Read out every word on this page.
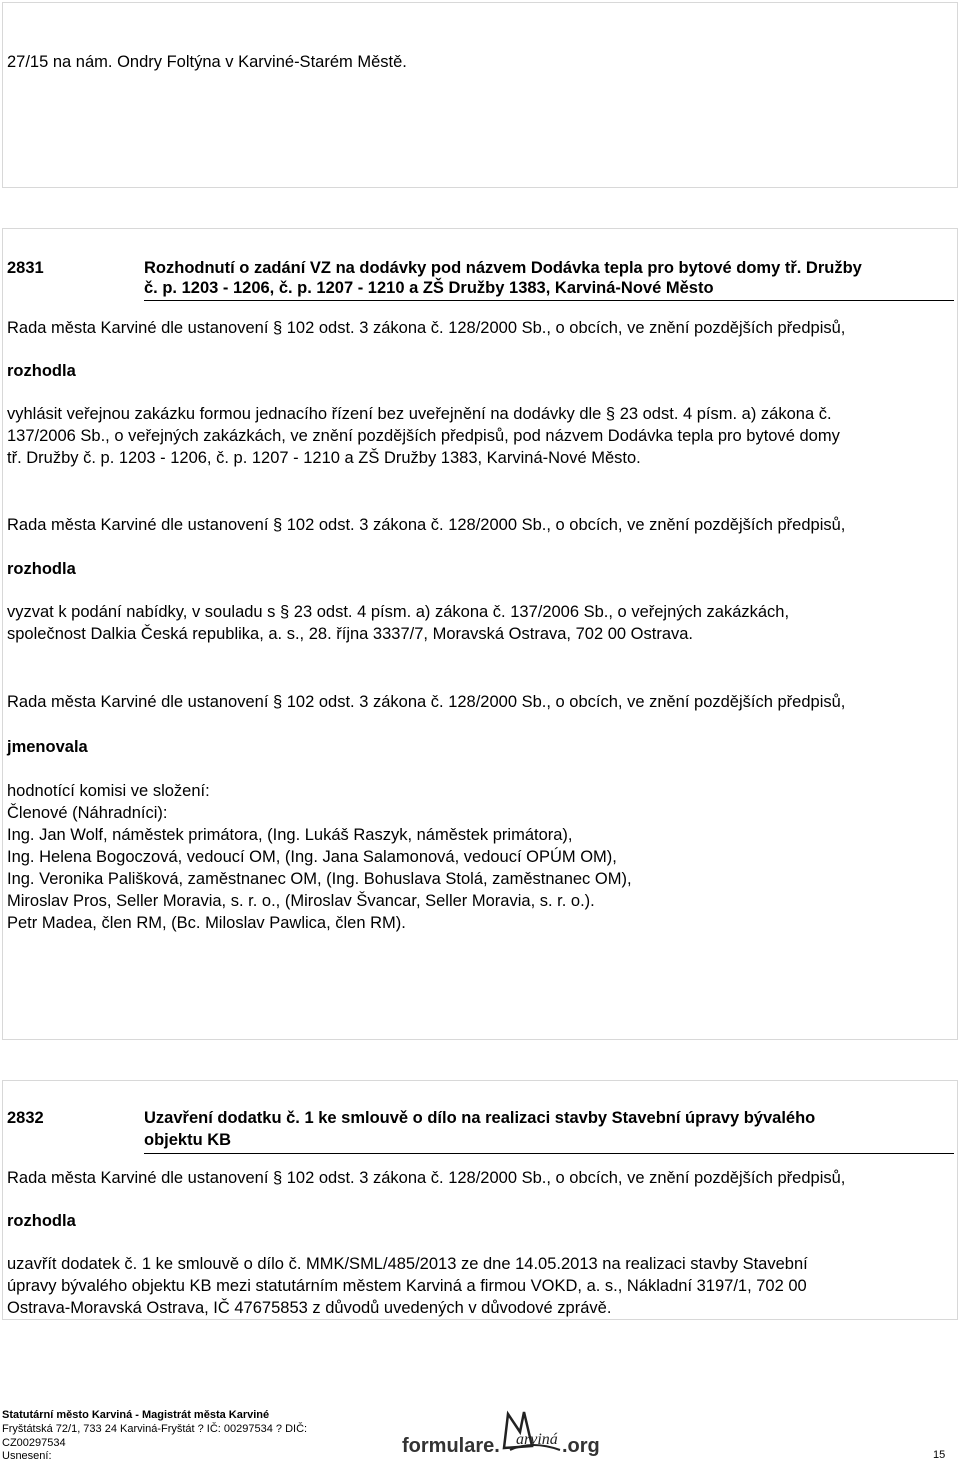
27/15 na nám. Ondry Foltýna v Karviné-Starém Městě.
2831	Rozhodnutí o zadání VZ na dodávky pod názvem Dodávka tepla pro bytové domy tř. Družby
č. p. 1203 - 1206, č. p. 1207 - 1210 a ZŠ Družby 1383, Karviná-Nové Město
Rada města Karviné dle ustanovení § 102 odst. 3 zákona č. 128/2000 Sb., o obcích, ve znění pozdějších předpisů,
rozhodla
vyhlásit veřejnou zakázku formou jednacího řízení bez uveřejnění na dodávky dle § 23 odst. 4 písm. a) zákona č.
137/2006 Sb., o veřejných zakázkách, ve znění pozdějších předpisů, pod názvem Dodávka tepla pro bytové domy
tř. Družby č. p. 1203 - 1206, č. p. 1207 - 1210 a ZŠ Družby 1383, Karviná-Nové Město.
Rada města Karviné dle ustanovení § 102 odst. 3 zákona č. 128/2000 Sb., o obcích, ve znění pozdějších předpisů,
rozhodla
vyzvat k podání nabídky, v souladu s § 23 odst. 4 písm. a) zákona č. 137/2006 Sb., o veřejných zakázkách,
společnost Dalkia Česká republika, a. s., 28. října 3337/7, Moravská Ostrava, 702 00 Ostrava.
Rada města Karviné dle ustanovení § 102 odst. 3 zákona č. 128/2000 Sb., o obcích, ve znění pozdějších předpisů,
jmenovala
hodnotící komisi ve složení:
Členové (Náhradníci):
Ing. Jan Wolf, náměstek primátora, (Ing. Lukáš Raszyk, náměstek primátora),
Ing. Helena Bogoczová, vedoucí OM, (Ing. Jana Salamonová, vedoucí OPÚM OM),
Ing. Veronika Pališková, zaměstnanec OM, (Ing. Bohuslava Stolá, zaměstnanec OM),
Miroslav Pros, Seller Moravia, s. r. o., (Miroslav Švancar, Seller Moravia, s. r. o.).
Petr Madea, člen RM, (Bc. Miloslav Pawlica, člen RM).
2832	Uzavření dodatku č. 1 ke smlouvě o dílo na realizaci stavby Stavební úpravy bývalého
objektu KB
Rada města Karviné dle ustanovení § 102 odst. 3 zákona č. 128/2000 Sb., o obcích, ve znění pozdějších předpisů,
rozhodla
uzavřít dodatek č. 1 ke smlouvě o dílo č. MMK/SML/485/2013 ze dne 14.05.2013 na realizaci stavby Stavební
úpravy bývalého objektu KB mezi statutárním městem Karviná a firmou VOKD, a. s., Nákladní 3197/1, 702 00
Ostrava-Moravská Ostrava, IČ 47675853 z důvodů uvedených v důvodové zprávě.
Statutární město Karviná - Magistrát města Karviné
Fryštátská 72/1, 733 24 Karviná-Fryštát ? IČ: 00297534 ? DIČ:
CZ00297534
Usnesení:	formulare. arviná .org	15
